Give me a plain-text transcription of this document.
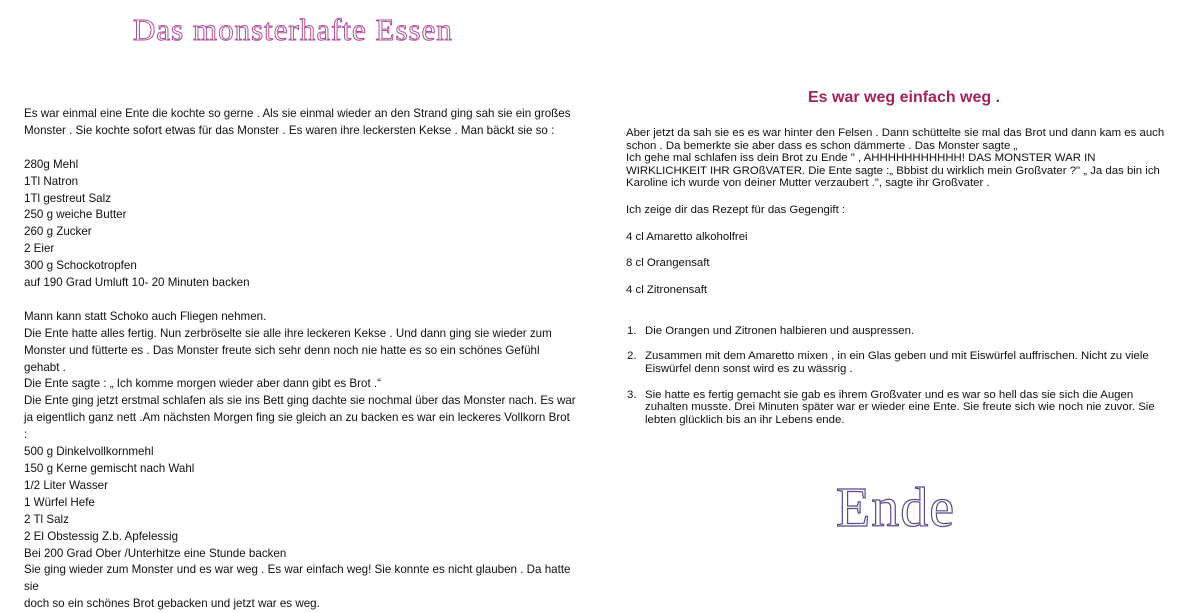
Das monsterhafte Essen

Es war einmal eine Ente die kochte so gerne . Als sie einmal wieder an den Strand ging sah sie ein großes

Monster . Sie kochte sofort etwas für das Monster . Es waren ihre leckersten Kekse . Man bäckt sie so :

280g Mehl

1Tl Natron

1Tl gestreut Salz

250 g weiche Butter

260 g Zucker

2 Eier

300 g Schockotropfen

auf 190 Grad Umluft 10- 20 Minuten backen

Mann kann statt Schoko auch Fliegen nehmen.

Die Ente hatte alles fertig. Nun zerbröselte sie alle ihre leckeren Kekse . Und dann ging sie wieder zum

Monster und fütterte es . Das Monster freute sich sehr denn noch nie hatte es so ein schönes Gefühl gehabt .

Die Ente sagte : „ Ich komme morgen wieder aber dann gibt es Brot .“

Die Ente ging jetzt erstmal schlafen als sie ins Bett ging dachte sie nochmal über das Monster nach. Es war

ja eigentlich ganz nett .Am nächsten Morgen fing sie gleich an zu backen es war ein leckeres Vollkorn Brot :

500 g Dinkelvollkornmehl

150 g Kerne gemischt nach Wahl

1/2 Liter Wasser

1 Würfel Hefe

2 Tl Salz

2 El Obstessig Z.b. Apfelessig

Bei 200 Grad Ober /Unterhitze eine Stunde backen

Sie ging wieder zum Monster und es war weg . Es war einfach weg! Sie konnte es nicht glauben . Da hatte sie

doch so ein schönes Brot gebacken und jetzt war es weg.

Es war weg einfach weg .

Aber jetzt da sah sie es es war hinter den Felsen . Dann schüttelte sie mal das Brot und dann kam es auch

schon . Da bemerkte sie aber dass es schon dämmerte . Das Monster sagte „

Ich gehe mal schlafen iss dein Brot zu Ende " , AHHHHHHHHHHH! DAS MONSTER WAR IN

WIRKLICHKEIT IHR GROßVATER. Die Ente sagte :„ Bbbist du wirklich mein Großvater ?" „ Ja das bin ich

Karoline ich wurde von deiner Mutter verzaubert .", sagte ihr Großvater .

Ich zeige dir das Rezept für das Gegengift :

4 cl Amaretto alkoholfrei

8 cl Orangensaft

4 cl Zitronensaft

1. Die Orangen und Zitronen halbieren und auspressen.

2. Zusammen mit dem Amaretto mixen , in ein Glas geben und mit Eiswürfel auffrischen. Nicht zu viele

Eiswürfel denn sonst wird es zu wässrig .

3. Sie hatte es fertig gemacht sie gab es ihrem Großvater und es war so hell das sie sich die Augen

zuhalten musste. Drei Minuten später war er wieder eine Ente. Sie freute sich wie noch nie zuvor. Sie

lebten glücklich bis an ihr Lebens ende.

Ende
